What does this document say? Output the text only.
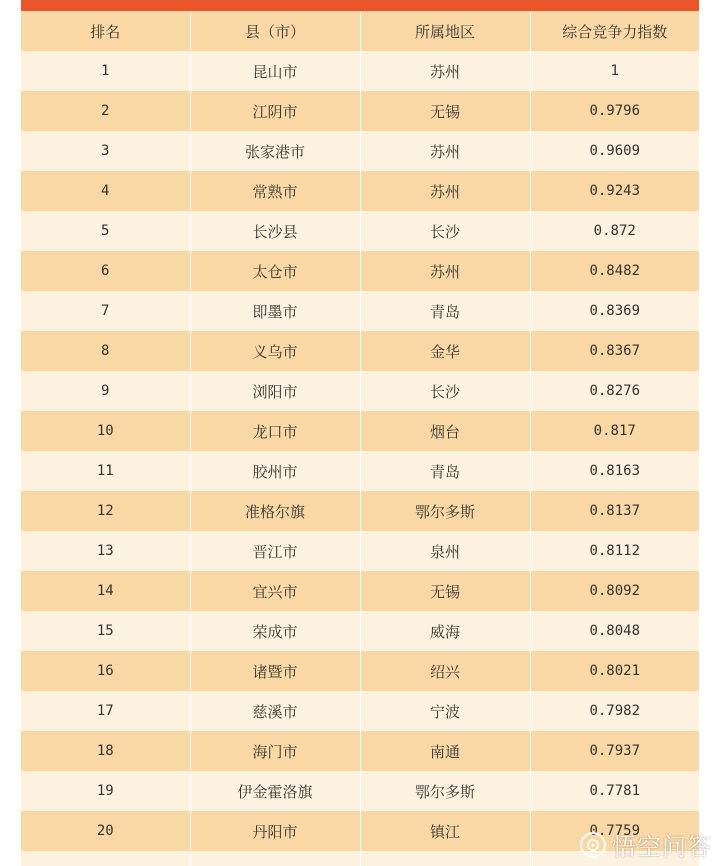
排名	县（市）	所属地区	综合竞争力指数
1	昆山市	苏州	1
2	江阴市	无锡	0.9796
3	张家港市	苏州	0.9609
4	常熟市	苏州	0.9243
5	长沙县	长沙	0.872
6	太仓市	苏州	0.8482
7	即墨市	青岛	0.8369
8	义乌市	金华	0.8367
9	浏阳市	长沙	0.8276
10	龙口市	烟台	0.817
11	胶州市	青岛	0.8163
12	准格尔旗	鄂尔多斯	0.8137
13	晋江市	泉州	0.8112
14	宜兴市	无锡	0.8092
15	荣成市	威海	0.8048
16	诸暨市	绍兴	0.8021
17	慈溪市	宁波	0.7982
18	海门市	南通	0.7937
19	伊金霍洛旗	鄂尔多斯	0.7781
20	丹阳市	镇江	0.7759

悟空问答
